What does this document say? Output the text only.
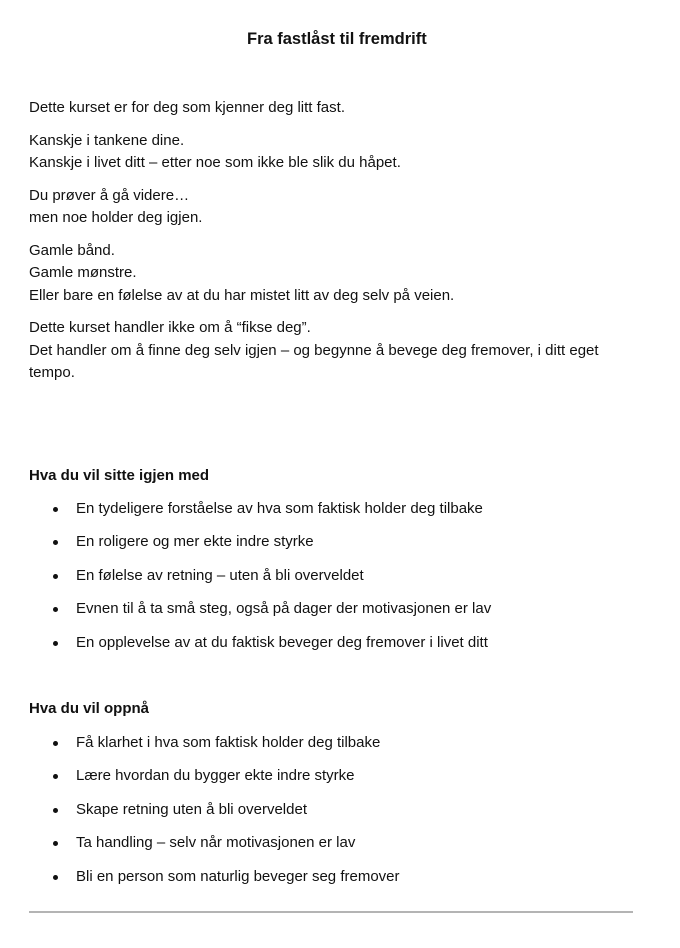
Fra fastlåst til fremdrift

Dette kurset er for deg som kjenner deg litt fast.

Kanskje i tankene dine.
Kanskje i livet ditt – etter noe som ikke ble slik du håpet.

Du prøver å gå videre…
men noe holder deg igjen.

Gamle bånd.
Gamle mønstre.
Eller bare en følelse av at du har mistet litt av deg selv på veien.

Dette kurset handler ikke om å “fikse deg”.
Det handler om å finne deg selv igjen – og begynne å bevege deg fremover, i ditt eget tempo.

Hva du vil sitte igjen med
En tydeligere forståelse av hva som faktisk holder deg tilbake
En roligere og mer ekte indre styrke
En følelse av retning – uten å bli overveldet
Evnen til å ta små steg, også på dager der motivasjonen er lav
En opplevelse av at du faktisk beveger deg fremover i livet ditt
Hva du vil oppnå
Få klarhet i hva som faktisk holder deg tilbake
Lære hvordan du bygger ekte indre styrke
Skape retning uten å bli overveldet
Ta handling – selv når motivasjonen er lav
Bli en person som naturlig beveger seg fremover
